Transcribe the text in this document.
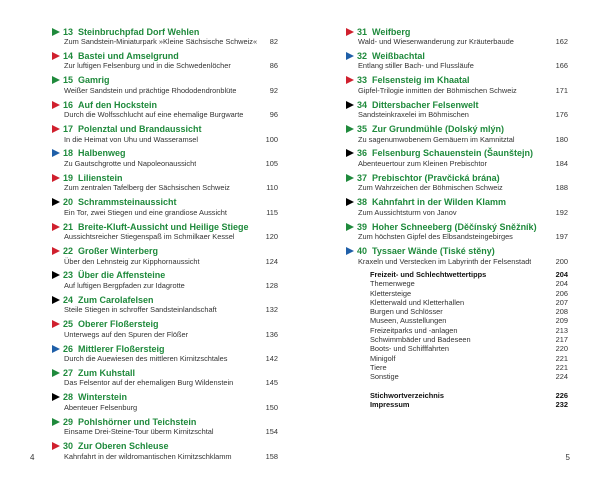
13 Steinbruchpfad Dorf Wehlen
Zum Sandstein-Miniaturpark »Kleine Sächsische Schweiz«	82
14 Bastei und Amselgrund
Zur luftigen Felsenburg und in die Schwedenlöcher	86
15 Gamrig
Weißer Sandstein und prächtige Rhododendronblüte	92
16 Auf den Hockstein
Durch die Wolfsschlucht auf eine ehemalige Burgwarte	96
17 Polenztal und Brandaussicht
In die Heimat von Uhu und Wasseramsel	100
18 Halbenweg
Zu Gautschgrotte und Napoleonaussicht	105
19 Lilienstein
Zum zentralen Tafelberg der Sächsischen Schweiz	110
20 Schrammsteinaussicht
Ein Tor, zwei Stiegen und eine grandiose Aussicht	115
21 Breite-Kluft-Aussicht und Heilige Stiege
Aussichtsreicher Stiegenspaß im Schmilkaer Kessel	120
22 Großer Winterberg
Über den Lehnsteig zur Kipphornaussicht	124
23 Über die Affensteine
Auf luftigen Bergpfaden zur Idagrotte	128
24 Zum Carolafelsen
Steile Stiegen in schroffer Sandsteinlandschaft	132
25 Oberer Floßersteig
Unterwegs auf den Spuren der Flößer	136
26 Mittlerer Floßersteig
Durch die Auewiesen des mittleren Kirnitzschtales	142
27 Zum Kuhstall
Das Felsentor auf der ehemaligen Burg Wildenstein	145
28 Winterstein
Abenteuer Felsenburg	150
29 Pohlshörner und Teichstein
Einsame Drei-Steine-Tour überm Kirnitzschtal	154
30 Zur Oberen Schleuse
Kahnfahrt in der wildromantischen Kirnitzschklamm	158
31 Weifberg
Wald- und Wiesenwanderung zur Kräuterbaude	162
32 Weißbachtal
Entlang stiller Bach- und Flussläufe	166
33 Felsensteig im Khaatal
Gipfel-Trilogie inmitten der Böhmischen Schweiz	171
34 Dittersbacher Felsenwelt
Sandsteinkraxelei im Böhmischen	176
35 Zur Grundmühle (Dolský mlýn)
Zu sagenumwobenem Gemäuern im Kamnitztal	180
36 Felsenburg Schauenstein (Šaunštejn)
Abenteuertour zum Kleinen Prebischtor	184
37 Prebischtor (Pravčická brána)
Zum Wahrzeichen der Böhmischen Schweiz	188
38 Kahnfahrt in der Wilden Klamm
Zum Aussichtsturm von Janov	192
39 Hoher Schneeberg (Děčínský Sněžník)
Zum höchsten Gipfel des Elbsandsteingebirges	197
40 Tyssaer Wände (Tiské stěny)
Kraxeln und Verstecken im Labyrinth der Felsenstadt	200
Freizeit- und Schlechtwettertipps	204
Themenwege	204
Klettersteige	206
Kletterwald und Kletterhallen	207
Burgen und Schlösser	208
Museen, Ausstellungen	209
Freizeitparks und -anlagen	213
Schwimmbäder und Badeseen	217
Boots- und Schifffahrten	220
Minigolf	221
Tiere	221
Sonstige	224
Stichwortverzeichnis	226
Impressum	232
4	5
